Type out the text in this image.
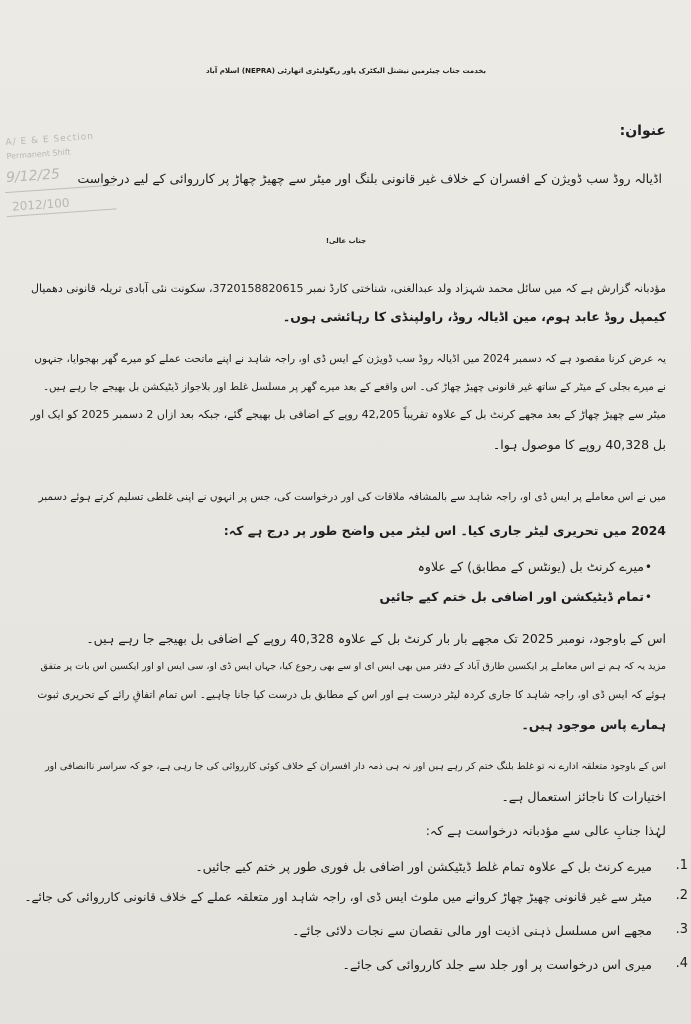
A/ E & E Section
Permanent Shift
9/12/25
2012/100
بخدمت جناب چیئرمین نیشنل الیکٹرک پاور ریگولیٹری اتھارٹی (NEPRA) اسلام آباد
عنوان:
اڈیالہ روڈ سب ڈویژن کے افسران کے خلاف غیر قانونی بلنگ اور میٹر سے چھیڑ چھاڑ پر کارروائی کے لیے درخواست
جناب عالی!
مؤدبانہ گزارش ہے کہ میں سائل محمد شہزاد ولد عبدالغنی، شناختی کارڈ نمبر 3720158820615، سکونت نئی آبادی تریلہ قانونی دھمیال
کیمپل روڈ عابد ہوم، مین اڈیالہ روڈ، راولپنڈی کا رہائشی ہوں۔
یہ عرض کرنا مقصود ہے کہ دسمبر 2024 میں اڈیالہ روڈ سب ڈویژن کے ایس ڈی او، راجہ شاہد نے اپنے ماتحت عملے کو میرے گھر بھجوایا، جنہوں
نے میرے بجلی کے میٹر کے ساتھ غیر قانونی چھیڑ چھاڑ کی۔ اس واقعے کے بعد میرے گھر پر مسلسل غلط اور بلاجواز ڈیٹیکشن بل بھیجے جا رہے ہیں۔
میٹر سے چھیڑ چھاڑ کے بعد مجھے کرنٹ بل کے علاوہ تقریباً 42,205 روپے کے اضافی بل بھیجے گئے، جبکہ بعد ازاں 2 دسمبر 2025 کو ایک اور
بل 40,328 روپے کا موصول ہوا۔
میں نے اس معاملے پر ایس ڈی او، راجہ شاہد سے بالمشافہ ملاقات کی اور درخواست کی، جس پر انہوں نے اپنی غلطی تسلیم کرتے ہوئے دسمبر
2024 میں تحریری لیٹر جاری کیا۔ اس لیٹر میں واضح طور پر درج ہے کہ:
•
میرے کرنٹ بل (یونٹس کے مطابق) کے علاوہ
•
تمام ڈیٹیکشن اور اضافی بل ختم کیے جائیں
اس کے باوجود، نومبر 2025 تک مجھے بار بار کرنٹ بل کے علاوہ 40,328 روپے کے اضافی بل بھیجے جا رہے ہیں۔
مزید یہ کہ ہم نے اس معاملے پر ایکسین طارق آباد کے دفتر میں بھی ایس ای او سے بھی رجوع کیا، جہاں ایس ڈی او، سی ایس او اور ایکسین اس بات پر متفق
ہوئے کہ ایس ڈی او، راجہ شاہد کا جاری کردہ لیٹر درست ہے اور اس کے مطابق بل درست کیا جانا چاہیے۔ اس تمام اتفاقِ رائے کے تحریری ثبوت
ہمارے پاس موجود ہیں۔
اس کے باوجود متعلقہ ادارے نہ تو غلط بلنگ ختم کر رہے ہیں اور نہ ہی ذمہ دار افسران کے خلاف کوئی کارروائی کی جا رہی ہے، جو کہ سراسر ناانصافی اور
اختیارات کا ناجائز استعمال ہے۔
لہٰذا جنابِ عالی سے مؤدبانہ درخواست ہے کہ:
1.
میرے کرنٹ بل کے علاوہ تمام غلط ڈیٹیکشن اور اضافی بل فوری طور پر ختم کیے جائیں۔
2.
میٹر سے غیر قانونی چھیڑ چھاڑ کروانے میں ملوث ایس ڈی او، راجہ شاہد اور متعلقہ عملے کے خلاف قانونی کارروائی کی جائے۔
3.
مجھے اس مسلسل ذہنی اذیت اور مالی نقصان سے نجات دلائی جائے۔
4.
میری اس درخواست پر اور جلد سے جلد کارروائی کی جائے۔
